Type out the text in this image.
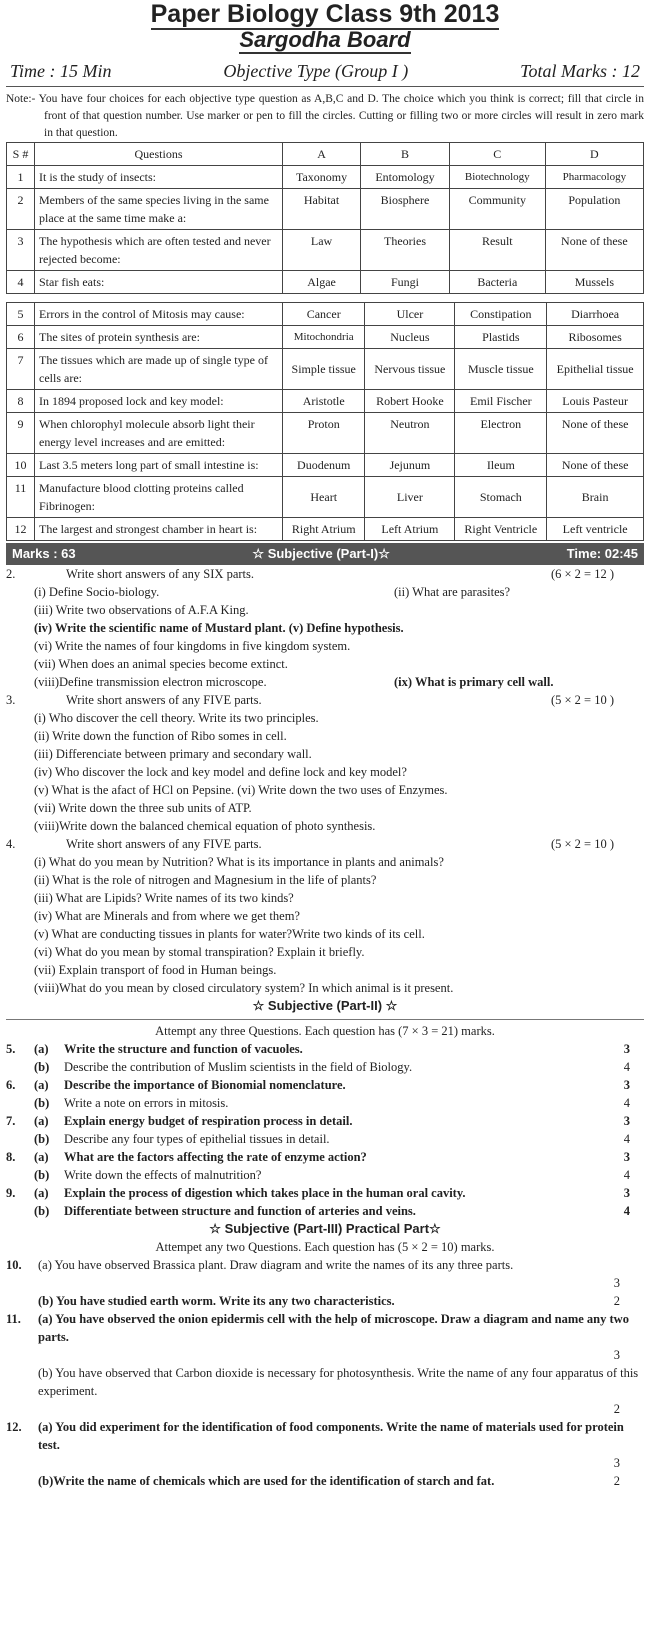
Paper Biology Class 9th 2013
Sargodha Board
Time : 15 Min	Objective Type (Group I )	Total Marks : 12
Note:- You have four choices for each objective type question as A,B,C and D. The choice which you think is correct; fill that circle in front of that question number. Use marker or pen to fill the circles. Cutting or filling two or more circles will result in zero mark in that question.
S #	Questions	A	B	C	D
1	It is the study of insects:	Taxonomy	Entomology	Biotechnology	Pharmacology
2	Members of the same species living in the same place at the same time make a:	Habitat	Biosphere	Community	Population
3	The hypothesis which are often tested and never rejected become:	Law	Theories	Result	None of these
4	Star fish eats:	Algae	Fungi	Bacteria	Mussels
5	Errors in the control of Mitosis may cause:	Cancer	Ulcer	Constipation	Diarrhoea
6	The sites of protein synthesis are:	Mitochondria	Nucleus	Plastids	Ribosomes
7	The tissues which are made up of single type of cells are:	Simple tissue	Nervous tissue	Muscle tissue	Epithelial tissue
8	In 1894 proposed lock and key model:	Aristotle	Robert Hooke	Emil Fischer	Louis Pasteur
9	When chlorophyl molecule absorb light their energy level increases and are emitted:	Proton	Neutron	Electron	None of these
10	Last 3.5 meters long part of small intestine is:	Duodenum	Jejunum	Ileum	None of these
11	Manufacture blood clotting proteins called Fibrinogen:	Heart	Liver	Stomach	Brain
12	The largest and strongest chamber in heart is:	Right Atrium	Left Atrium	Right Ventricle	Left ventricle
Marks : 63	☆ Subjective (Part-I)☆	Time: 02:45
2.	Write short answers of any SIX parts.	(6 × 2 = 12 )
(i) Define Socio-biology.	(ii) What are parasites?
(iii) Write two observations of A.F.A King.
(iv) Write the scientific name of Mustard plant. (v) Define hypothesis.
(vi) Write the names of four kingdoms in five kingdom system.
(vii) When does an animal species become extinct.
(viii)Define transmission electron microscope.	(ix) What is primary cell wall.
3.	Write short answers of any FIVE parts.	(5 × 2 = 10 )
(i) Who discover the cell theory. Write its two principles.
(ii) Write down the function of Ribo somes in cell.
(iii) Differenciate between primary and secondary wall.
(iv) Who discover the lock and key model and define lock and key model?
(v) What is the afact of HCl on Pepsine. (vi) Write down the two uses of Enzymes.
(vii) Write down the three sub units of ATP.
(viii)Write down the balanced chemical equation of photo synthesis.
4.	Write short answers of any FIVE parts.	(5 × 2 = 10 )
(i) What do you mean by Nutrition? What is its importance in plants and animals?
(ii) What is the role of nitrogen and Magnesium in the life of plants?
(iii) What are Lipids? Write names of its two kinds?
(iv) What are Minerals and from where we get them?
(v) What are conducting tissues in plants for water?Write two kinds of its cell.
(vi) What do you mean by stomal transpiration? Explain it briefly.
(vii) Explain transport of food in Human beings.
(viii)What do you mean by closed circulatory system? In which animal is it present.
☆ Subjective (Part-II) ☆
Attempt any three Questions. Each question has (7 × 3 = 21) marks.
5.	(a)	Write the structure and function of vacuoles.	3
(b)	Describe the contribution of Muslim scientists in the field of Biology.	4
6.	(a)	Describe the importance of Bionomial nomenclature.	3
(b)	Write a note on errors in mitosis.	4
7.	(a)	Explain energy budget of respiration process in detail.	3
(b)	Describe any four types of epithelial tissues in detail.	4
8.	(a)	What are the factors affecting the rate of enzyme action?	3
(b)	Write down the effects of malnutrition?	4
9.	(a)	Explain the process of digestion which takes place in the human oral cavity.	3
(b)	Differentiate between structure and function of arteries and veins.	4
☆ Subjective (Part-III) Practical Part☆
Attempet any two Questions. Each question has (5 × 2 = 10) marks.
10.	(a) You have observed Brassica plant. Draw diagram and write the names of its any three parts.
3
(b) You have studied earth worm. Write its any two characteristics.	2
11.	(a) You have observed the onion epidermis cell with the help of microscope. Draw a diagram and name any two parts.
3
(b) You have observed that Carbon dioxide is necessary for photosynthesis. Write the name of any four apparatus of this experiment.
2
12.	(a) You did experiment for the identification of food components. Write the name of materials used for protein test.
3
(b)Write the name of chemicals which are used for the identification of starch and fat.	2
